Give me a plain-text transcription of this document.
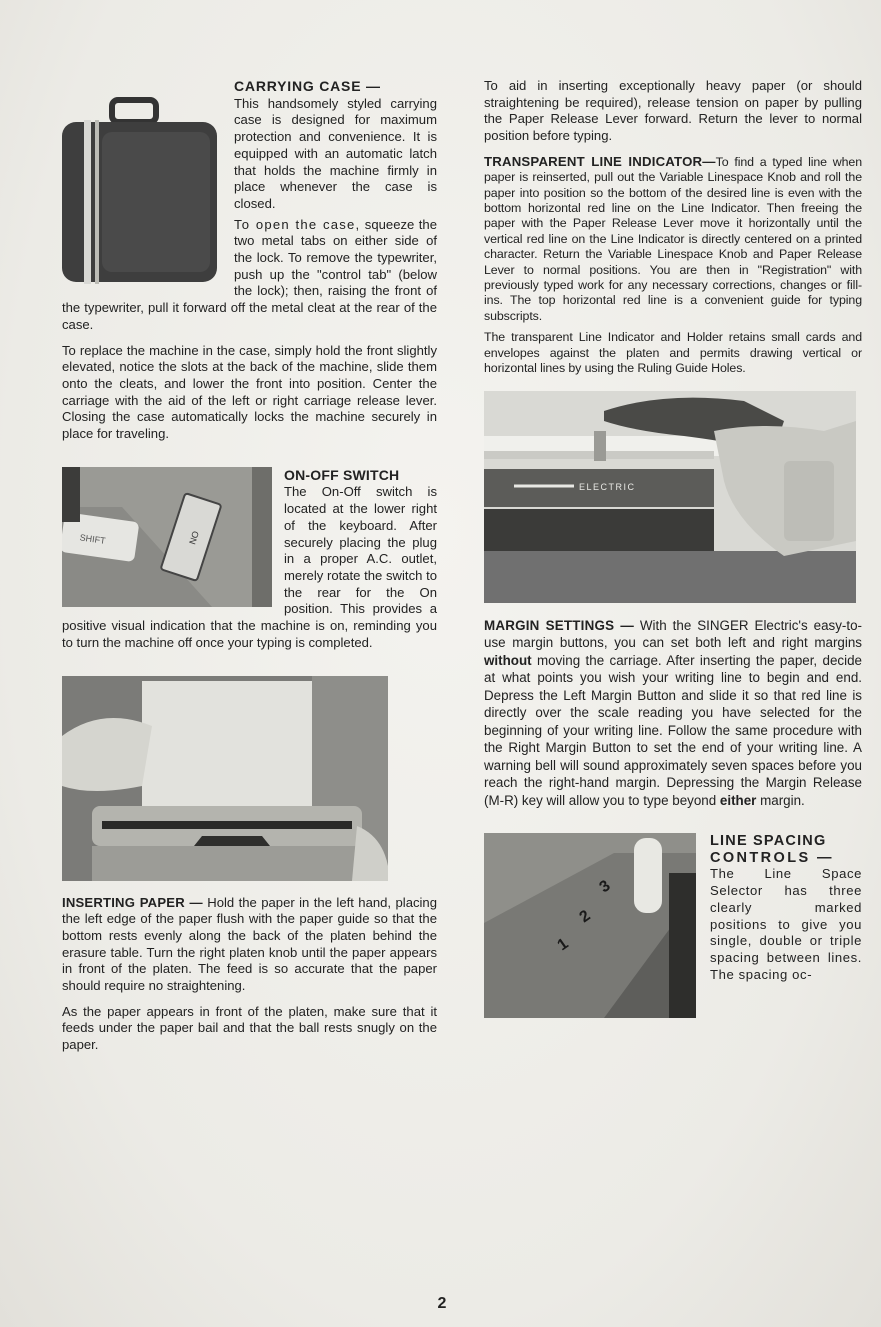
CARRYING CASE —
This handsomely styled carrying case is designed for maximum protection and convenience. It is equipped with an automatic latch that holds the machine firmly in place whenever the case is closed.
To open the case, squeeze the two metal tabs on either side of the lock. To remove the typewriter, push up the "control tab" (below the lock); then, raising the front of the typewriter, pull it forward off the metal cleat at the rear of the case.

To replace the machine in the case, simply hold the front slightly elevated, notice the slots at the back of the machine, slide them onto the cleats, and lower the front into position. Center the carriage with the aid of the left or right carriage release lever. Closing the case automatically locks the machine securely in place for traveling.

SHIFT	ON
ON-OFF SWITCH
The On-Off switch is located at the lower right of the keyboard. After securely placing the plug in a proper A.C. outlet, merely rotate the switch to the rear for the On position. This provides a positive visual indication that the machine is on, reminding you to turn the machine off once your typing is completed.

INSERTING PAPER — Hold the paper in the left hand, placing the left edge of the paper flush with the paper guide so that the bottom rests evenly along the back of the platen behind the erasure table. Turn the right platen knob until the paper appears in front of the platen. The feed is so accurate that the paper should require no straightening.

As the paper appears in front of the platen, make sure that it feeds under the paper bail and that the ball rests snugly on the paper.

To aid in inserting exceptionally heavy paper (or should straightening be required), release tension on paper by pulling the Paper Release Lever forward. Return the lever to normal position before typing.

TRANSPARENT LINE INDICATOR—To find a typed line when paper is reinserted, pull out the Variable Linespace Knob and roll the paper into position so the bottom of the desired line is even with the bottom horizontal red line on the Line Indicator. Then freeing the paper with the Paper Release Lever move it horizontally until the vertical red line on the Line Indicator is directly centered on a printed character. Return the Variable Linespace Knob and Paper Release Lever to normal positions. You are then in "Registration" with previously typed work for any necessary corrections, changes or fill-ins. The top horizontal red line is a convenient guide for typing subscripts.

The transparent Line Indicator and Holder retains small cards and envelopes against the platen and permits drawing vertical or horizontal lines by using the Ruling Guide Holes.

ELECTRIC

MARGIN SETTINGS — With the SINGER Electric's easy-to-use margin buttons, you can set both left and right margins without moving the carriage. After inserting the paper, decide at what points you wish your writing line to begin and end. Depress the Left Margin Button and slide it so that red line is directly over the scale reading you have selected for the beginning of your writing line. Follow the same procedure with the Right Margin Button to set the end of your writing line. A warning bell will sound approximately seven spaces before you reach the right-hand margin. Depressing the Margin Release (M-R) key will allow you to type beyond either margin.

3
2
1
LINE SPACING
CONTROLS —
The Line Space Selector has three clearly marked positions to give you single, double or triple spacing between lines. The spacing oc-
2
